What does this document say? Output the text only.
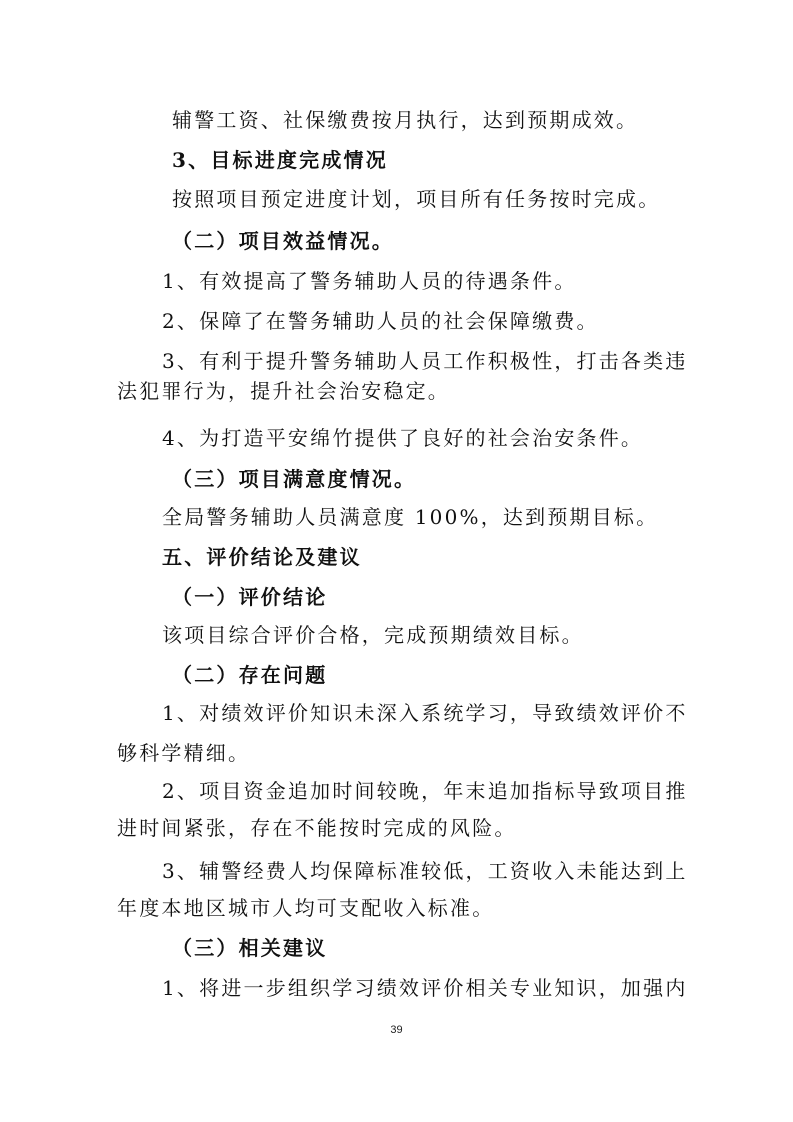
辅警工资、社保缴费按月执行，达到预期成效。
3、目标进度完成情况
按照项目预定进度计划，项目所有任务按时完成。
（二）项目效益情况。
1、有效提高了警务辅助人员的待遇条件。
2、保障了在警务辅助人员的社会保障缴费。
3、有利于提升警务辅助人员工作积极性，打击各类违
法犯罪行为，提升社会治安稳定。
4、为打造平安绵竹提供了良好的社会治安条件。
（三）项目满意度情况。
全局警务辅助人员满意度 100%，达到预期目标。
五、评价结论及建议
（一）评价结论
该项目综合评价合格，完成预期绩效目标。
（二）存在问题
1、对绩效评价知识未深入系统学习，导致绩效评价不
够科学精细。
2、项目资金追加时间较晚，年末追加指标导致项目推
进时间紧张，存在不能按时完成的风险。
3、辅警经费人均保障标准较低，工资收入未能达到上
年度本地区城市人均可支配收入标准。
（三）相关建议
1、将进一步组织学习绩效评价相关专业知识，加强内
39
